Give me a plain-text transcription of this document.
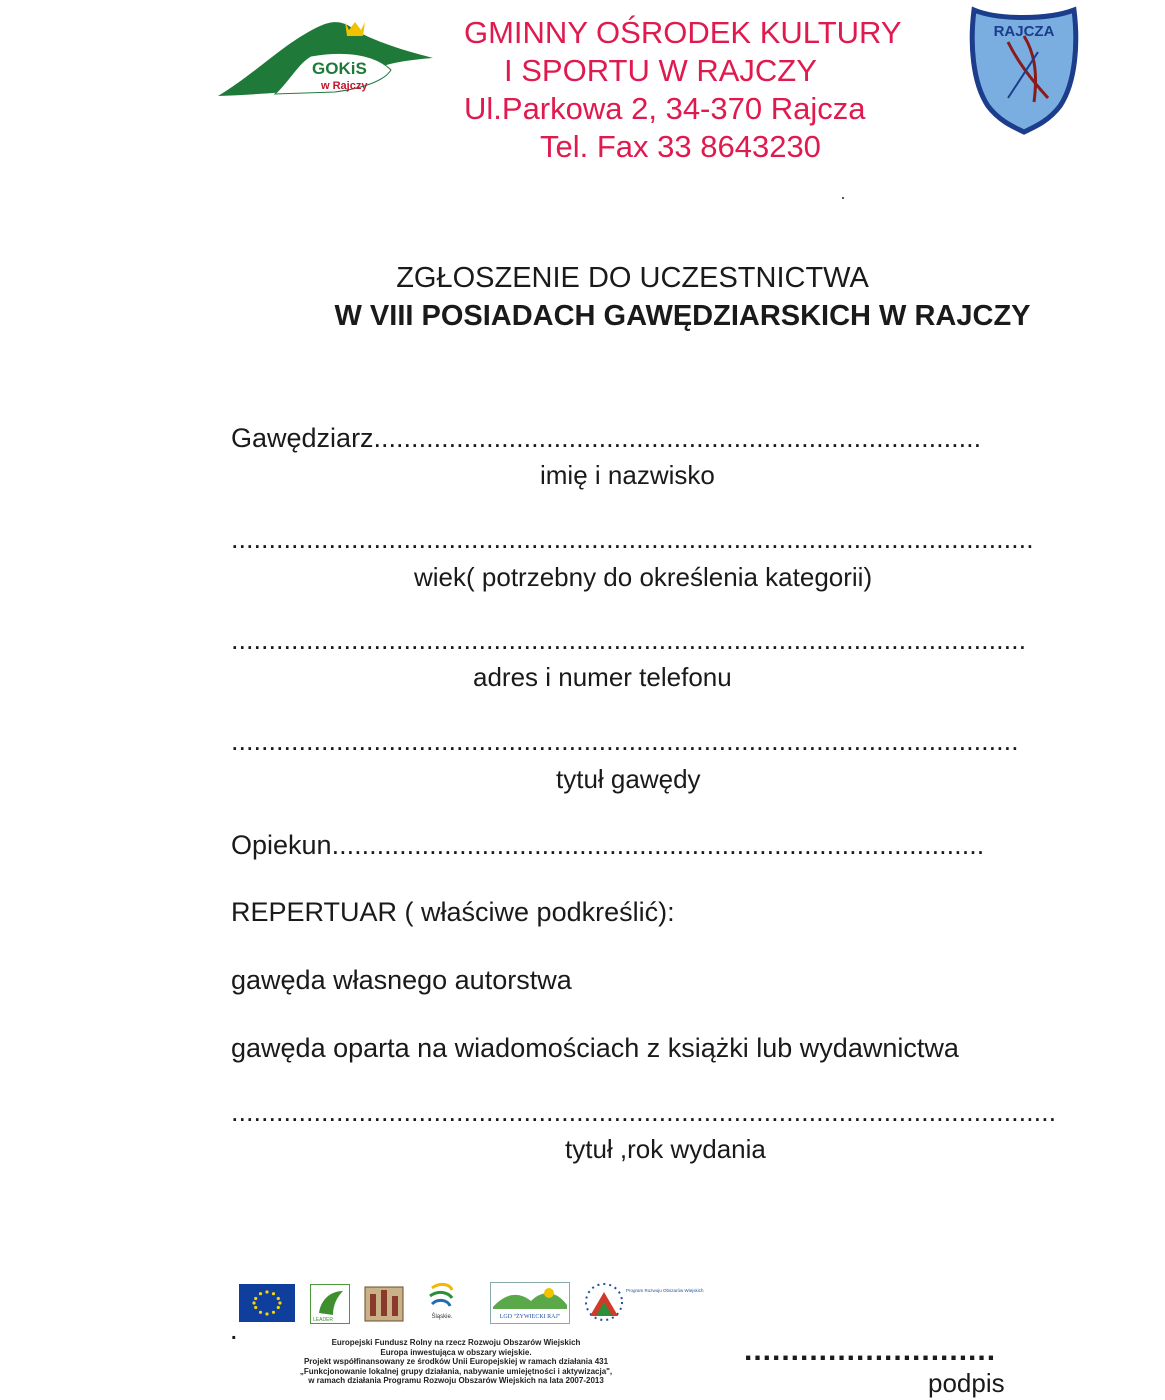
GOKiS
w Rajczy
GMINNY OŚRODEK KULTURY
I SPORTU W RAJCZY
Ul.Parkowa 2, 34-370 Rajcza
Tel. Fax 33 8643230
RAJCZA
ZGŁOSZENIE DO UCZESTNICTWA
W VIII POSIADACH GAWĘDZIARSKICH W RAJCZY
Gawędziarz.................................................................................
imię i nazwisko
...........................................................................................................
wiek( potrzebny do określenia kategorii)
..........................................................................................................
adres i numer telefonu
.........................................................................................................
tytuł gawędy
Opiekun.......................................................................................
REPERTUAR ( właściwe podkreślić):
gawęda własnego autorstwa
gawęda oparta na wiadomościach z książki lub wydawnictwa
..............................................................................................................
tytuł ,rok wydania
LEADER	Śląskie.	LGD "ŻYWIECKI RAJ"
Program Rozwoju Obszarów Wiejskich
.	Europejski Fundusz Rolny na rzecz Rozwoju Obszarów Wiejskich
Europa inwestująca w obszary wiejskie.
Projekt współfinansowany ze środków Unii Europejskiej w ramach działania 431
„Funkcjonowanie lokalnej grupy działania, nabywanie umiejętności i aktywizacja",
w ramach działania Programu Rozwoju Obszarów Wiejskich na lata 2007-2013
...........................
podpis
